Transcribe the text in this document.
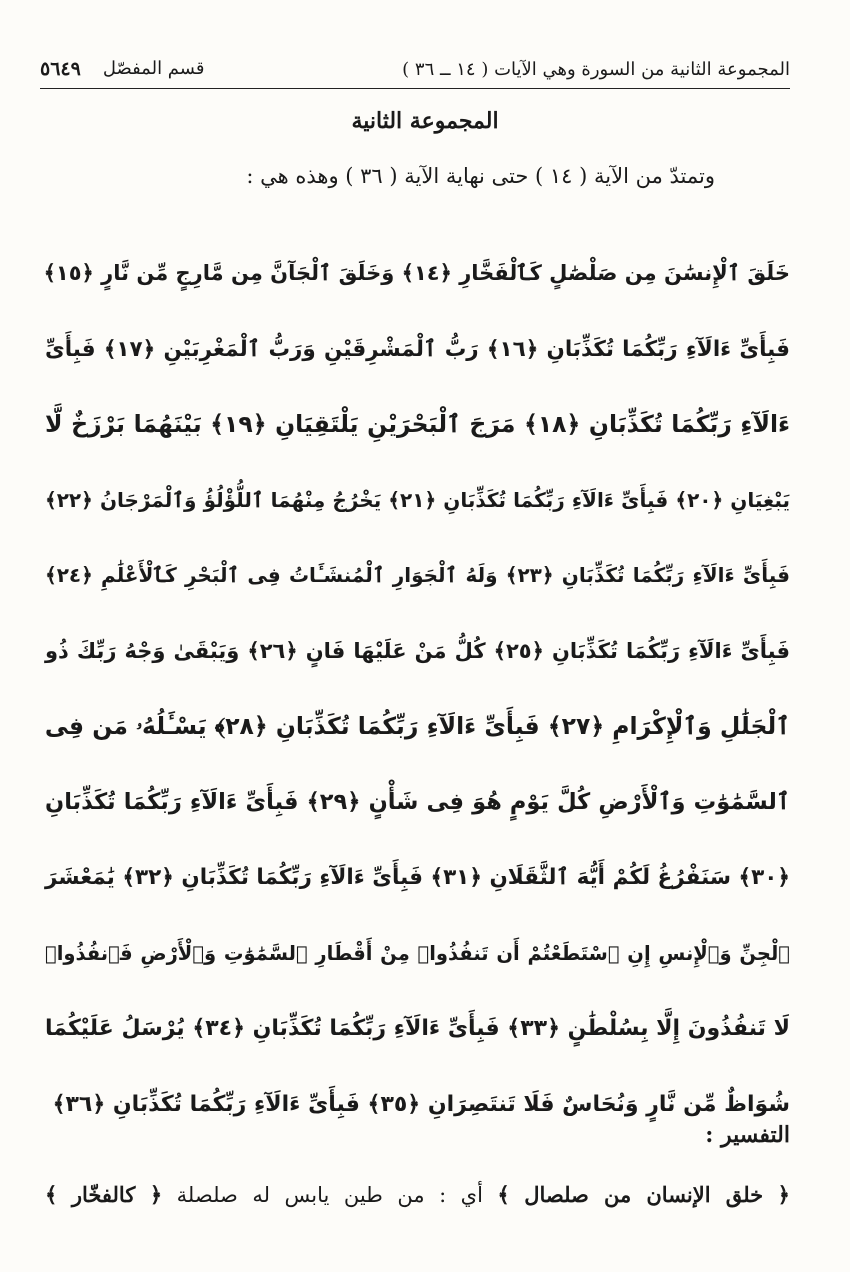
المجموعة الثانية من السورة وهي الآيات ( ١٤ ــ ٣٦ )
قسم المفصّل
٥٦٤٩
المجموعة الثانية
وتمتدّ من الآية ( ١٤ ) حتى نهاية الآية ( ٣٦ ) وهذه هي :
خَلَقَ ٱلْإِنسَٰنَ مِن صَلْصَٰلٍ كَٱلْفَخَّارِ ﴿١٤﴾ وَخَلَقَ ٱلْجَآنَّ مِن مَّارِجٍ مِّن نَّارٍ ﴿١٥﴾
فَبِأَىِّ ءَالَآءِ رَبِّكُمَا تُكَذِّبَانِ ﴿١٦﴾ رَبُّ ٱلْمَشْرِقَيْنِ وَرَبُّ ٱلْمَغْرِبَيْنِ ﴿١٧﴾ فَبِأَىِّ
ءَالَآءِ رَبِّكُمَا تُكَذِّبَانِ ﴿١٨﴾ مَرَجَ ٱلْبَحْرَيْنِ يَلْتَقِيَانِ ﴿١٩﴾ بَيْنَهُمَا بَرْزَخٌ لَّا
يَبْغِيَانِ ﴿٢٠﴾ فَبِأَىِّ ءَالَآءِ رَبِّكُمَا تُكَذِّبَانِ ﴿٢١﴾ يَخْرُجُ مِنْهُمَا ٱللُّؤْلُؤُ وَٱلْمَرْجَانُ ﴿٢٢﴾
فَبِأَىِّ ءَالَآءِ رَبِّكُمَا تُكَذِّبَانِ ﴿٢٣﴾ وَلَهُ ٱلْجَوَارِ ٱلْمُنشَـَٔاتُ فِى ٱلْبَحْرِ كَٱلْأَعْلَٰمِ ﴿٢٤﴾
فَبِأَىِّ ءَالَآءِ رَبِّكُمَا تُكَذِّبَانِ ﴿٢٥﴾ كُلُّ مَنْ عَلَيْهَا فَانٍ ﴿٢٦﴾ وَيَبْقَىٰ وَجْهُ رَبِّكَ ذُو
ٱلْجَلَٰلِ وَٱلْإِكْرَامِ ﴿٢٧﴾ فَبِأَىِّ ءَالَآءِ رَبِّكُمَا تُكَذِّبَانِ ﴿٢٨﴾ يَسْـَٔلُهُۥ مَن فِى
ٱلسَّمَٰوَٰتِ وَٱلْأَرْضِ كُلَّ يَوْمٍ هُوَ فِى شَأْنٍ ﴿٢٩﴾ فَبِأَىِّ ءَالَآءِ رَبِّكُمَا تُكَذِّبَانِ
﴿٣٠﴾ سَنَفْرُغُ لَكُمْ أَيُّهَ ٱلثَّقَلَانِ ﴿٣١﴾ فَبِأَىِّ ءَالَآءِ رَبِّكُمَا تُكَذِّبَانِ ﴿٣٢﴾ يَٰمَعْشَرَ
ٱلْجِنِّ وَٱلْإِنسِ إِنِ ٱسْتَطَعْتُمْ أَن تَنفُذُوا۟ مِنْ أَقْطَارِ ٱلسَّمَٰوَٰتِ وَٱلْأَرْضِ فَٱنفُذُوا۟
لَا تَنفُذُونَ إِلَّا بِسُلْطَٰنٍ ﴿٣٣﴾ فَبِأَىِّ ءَالَآءِ رَبِّكُمَا تُكَذِّبَانِ ﴿٣٤﴾ يُرْسَلُ عَلَيْكُمَا
شُوَاظٌ مِّن نَّارٍ وَنُحَاسٌ فَلَا تَنتَصِرَانِ ﴿٣٥﴾ فَبِأَىِّ ءَالَآءِ رَبِّكُمَا تُكَذِّبَانِ ﴿٣٦﴾
التفسير :
﴿ خلق الإنسان من صلصال ﴾ أي : من طين يابس له صلصلة ﴿ كالفخّار ﴾
